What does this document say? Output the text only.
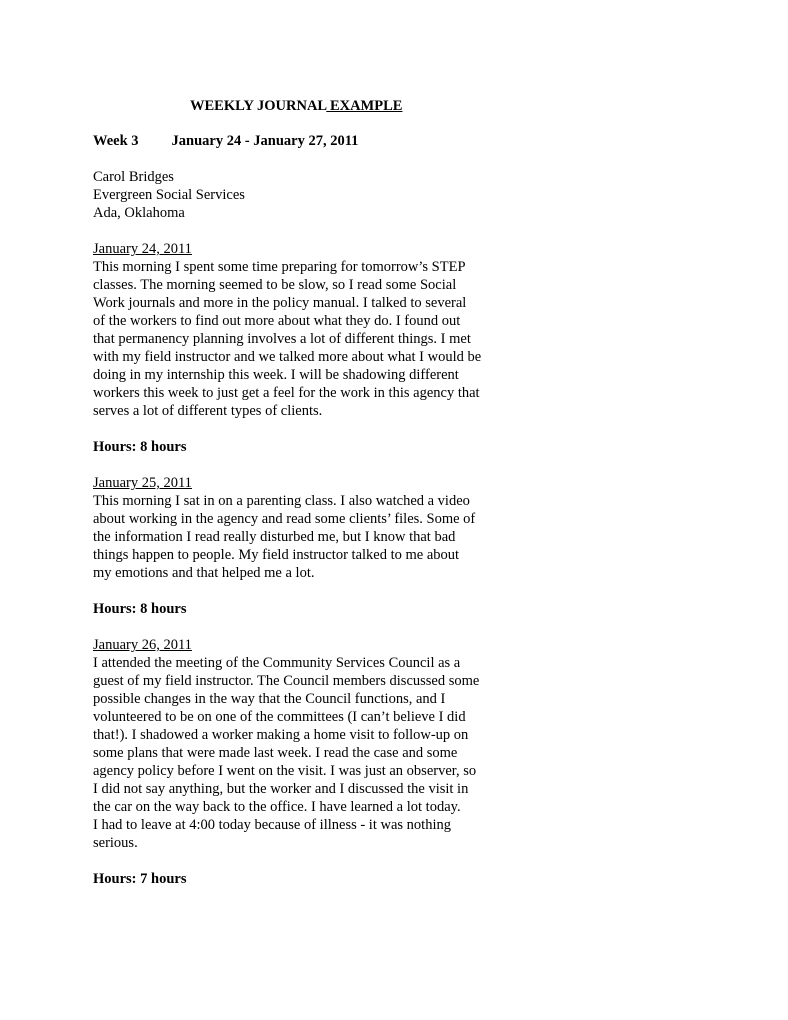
WEEKLY JOURNAL EXAMPLE
Week 3 January 24 - January 27, 2011
Carol Bridges
Evergreen Social Services
Ada, Oklahoma
January 24, 2011

This morning I spent some time preparing for tomorrow’s STEP
classes. The morning seemed to be slow, so I read some Social
Work journals and more in the policy manual. I talked to several
of the workers to find out more about what they do. I found out
that permanency planning involves a lot of different things. I met
with my field instructor and we talked more about what I would be
doing in my internship this week. I will be shadowing different
workers this week to just get a feel for the work in this agency that
serves a lot of different types of clients.

Hours: 8 hours
January 25, 2011

This morning I sat in on a parenting class. I also watched a video
about working in the agency and read some clients’ files. Some of
the information I read really disturbed me, but I know that bad
things happen to people. My field instructor talked to me about
my emotions and that helped me a lot.

Hours: 8 hours
January 26, 2011

I attended the meeting of the Community Services Council as a
guest of my field instructor. The Council members discussed some
possible changes in the way that the Council functions, and I
volunteered to be on one of the committees (I can’t believe I did
that!). I shadowed a worker making a home visit to follow-up on
some plans that were made last week. I read the case and some
agency policy before I went on the visit. I was just an observer, so
I did not say anything, but the worker and I discussed the visit in
the car on the way back to the office. I have learned a lot today.

I had to leave at 4:00 today because of illness - it was nothing
serious.

Hours: 7 hours
